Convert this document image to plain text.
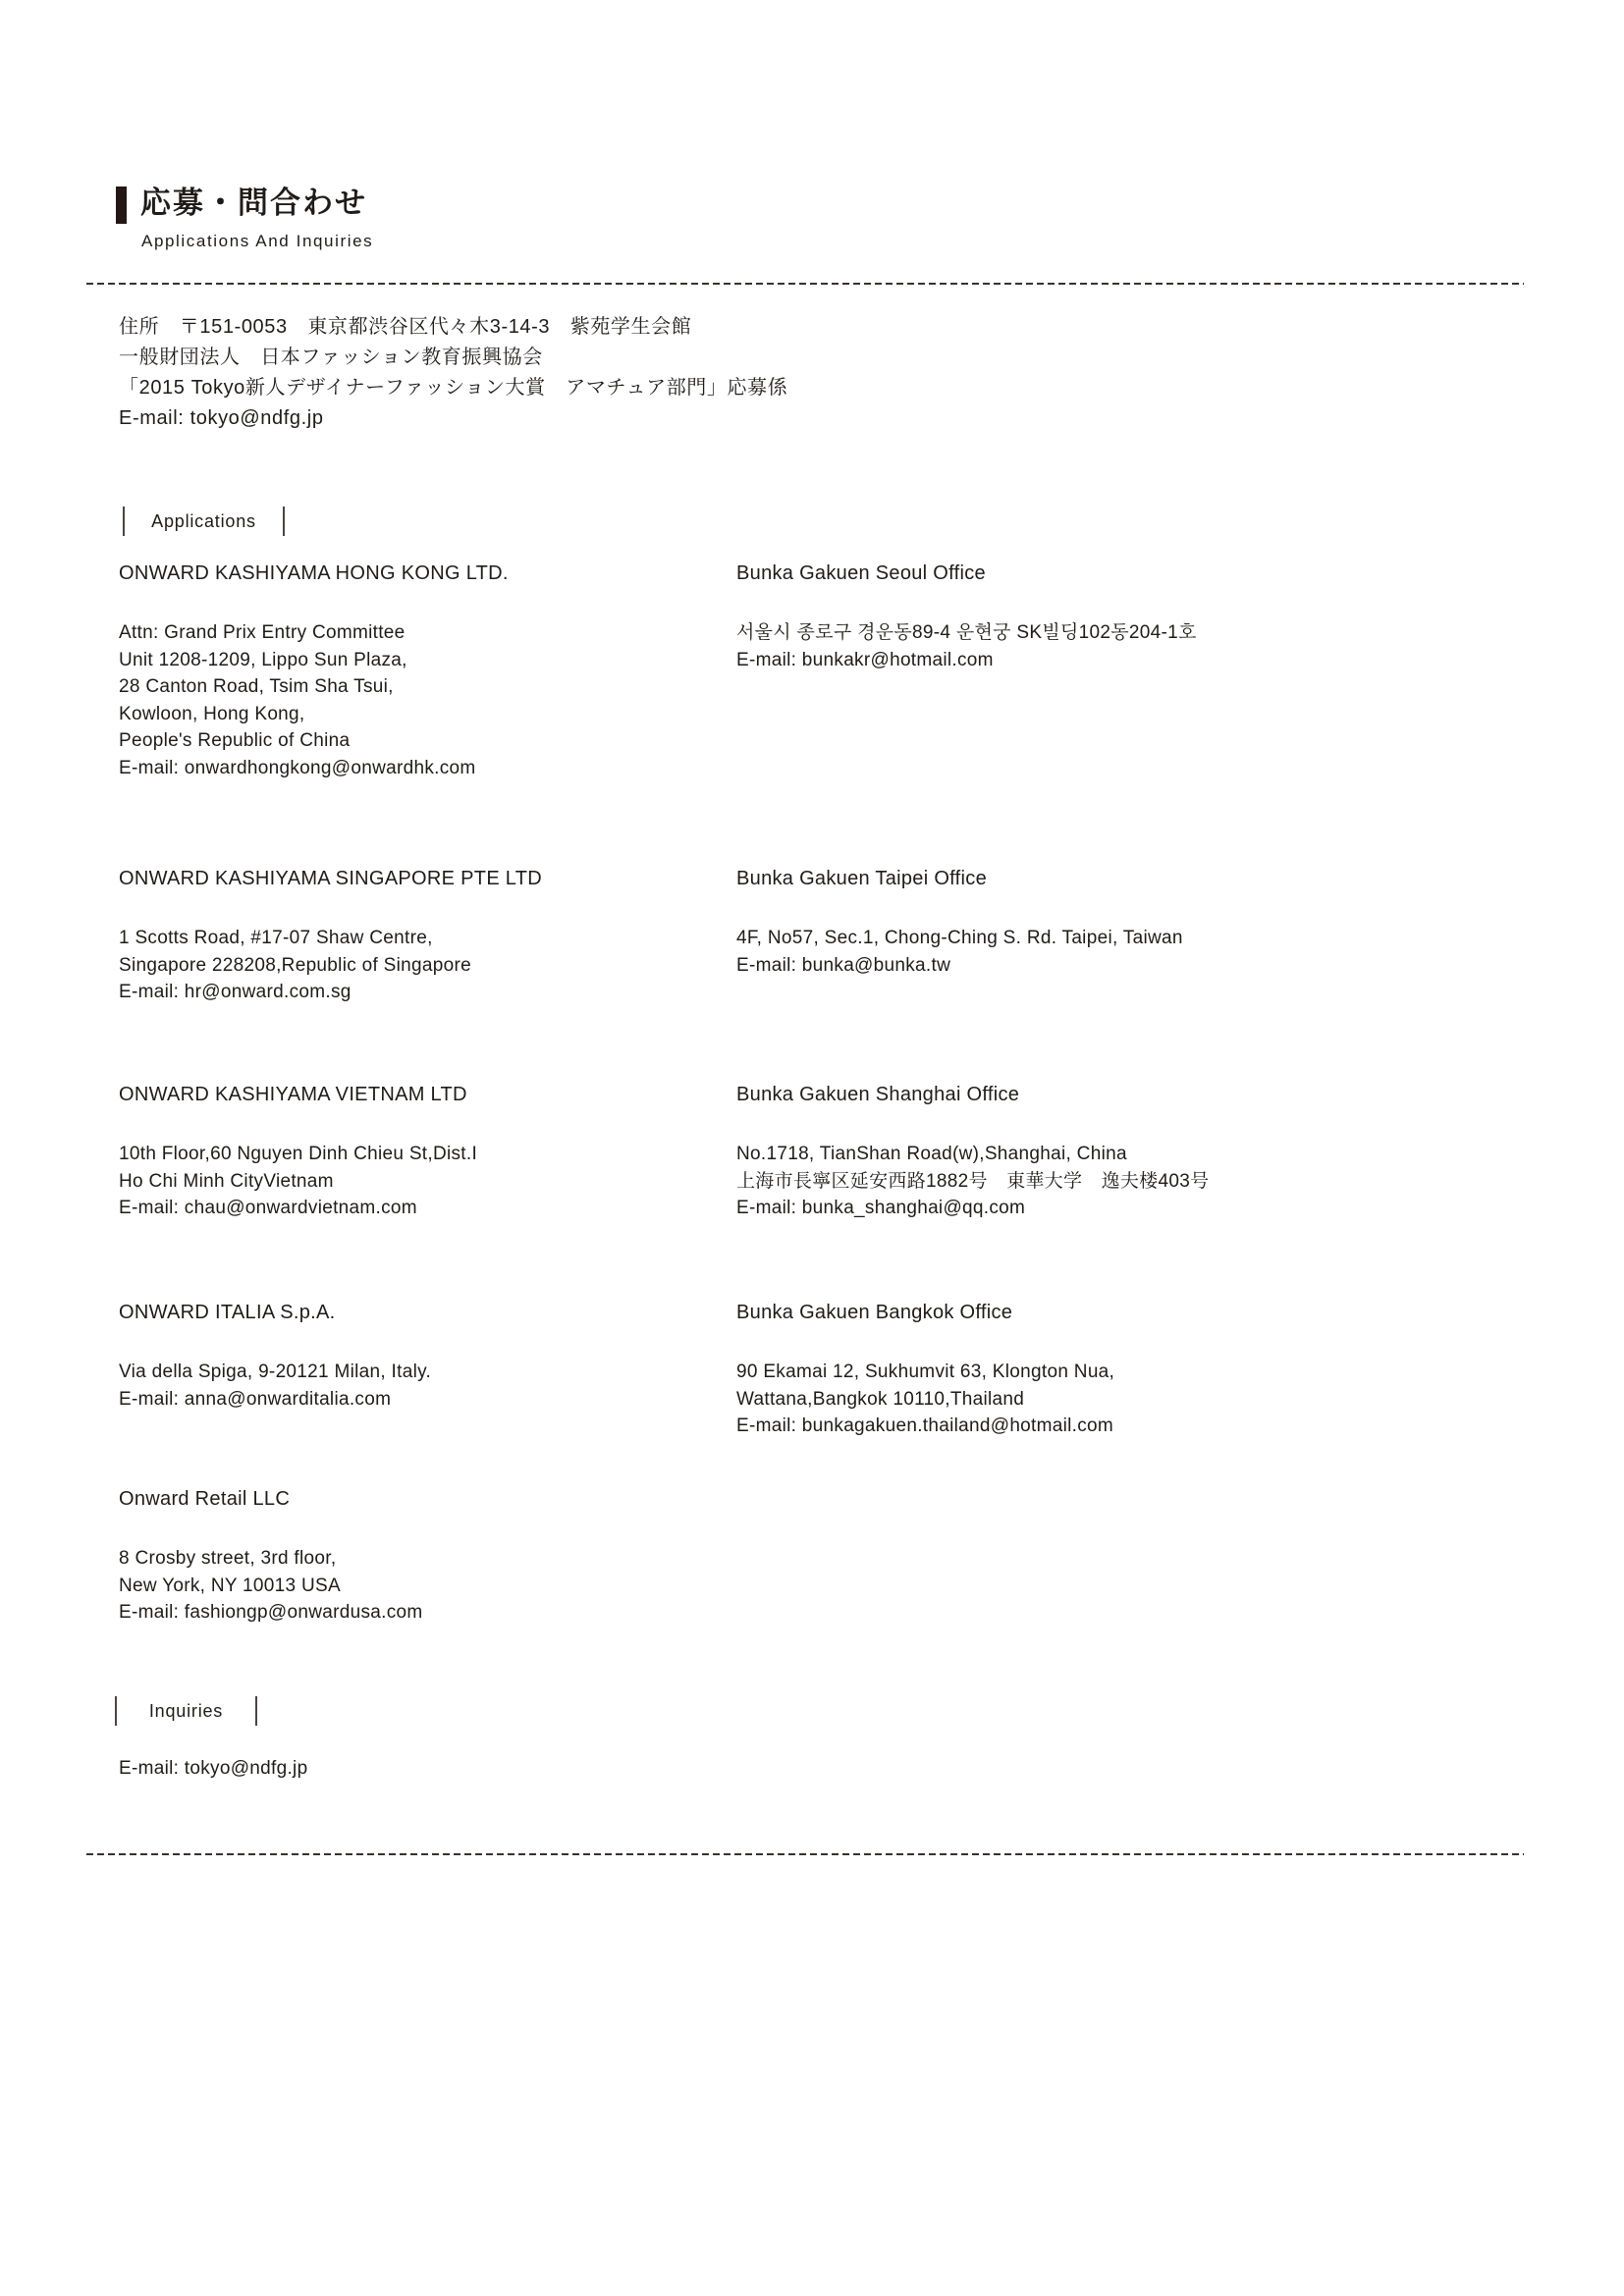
応募・問合わせ
Applications And Inquiries
住所　〒151-0053　東京都渋谷区代々木3-14-3　紫苑学生会館
一般財団法人　日本ファッション教育振興協会
「2015 Tokyo新人デザイナーファッション大賞　アマチュア部門」応募係
E-mail: tokyo@ndfg.jp
Applications
ONWARD KASHIYAMA HONG KONG LTD.
Attn: Grand Prix Entry Committee
Unit 1208-1209, Lippo Sun Plaza,
28 Canton Road, Tsim Sha Tsui,
Kowloon, Hong Kong,
People's Republic of China
E-mail: onwardhongkong@onwardhk.com
Bunka Gakuen Seoul Office
서울시 종로구 경운동89-4 운현궁 SK빌딩102동204-1호
E-mail: bunkakr@hotmail.com
ONWARD KASHIYAMA SINGAPORE PTE LTD
1 Scotts Road, #17-07 Shaw Centre,
Singapore 228208,Republic of Singapore
E-mail: hr@onward.com.sg
Bunka Gakuen Taipei Office
4F, No57, Sec.1, Chong-Ching S. Rd. Taipei, Taiwan
E-mail: bunka@bunka.tw
ONWARD KASHIYAMA VIETNAM LTD
10th Floor,60 Nguyen Dinh Chieu St,Dist.I
Ho Chi Minh CityVietnam
E-mail: chau@onwardvietnam.com
Bunka Gakuen Shanghai Office
No.1718, TianShan Road(w),Shanghai, China
上海市長寧区延安西路1882号　東華大学　逸夫楼403号
E-mail: bunka_shanghai@qq.com
ONWARD ITALIA S.p.A.
Via della Spiga, 9-20121 Milan, Italy.
E-mail: anna@onwarditalia.com
Bunka Gakuen Bangkok Office
90 Ekamai 12, Sukhumvit 63, Klongton Nua,
Wattana,Bangkok 10110,Thailand
E-mail: bunkagakuen.thailand@hotmail.com
Onward Retail LLC
8 Crosby street, 3rd floor,
New York, NY 10013 USA
E-mail: fashiongp@onwardusa.com
Inquiries
E-mail: tokyo@ndfg.jp
